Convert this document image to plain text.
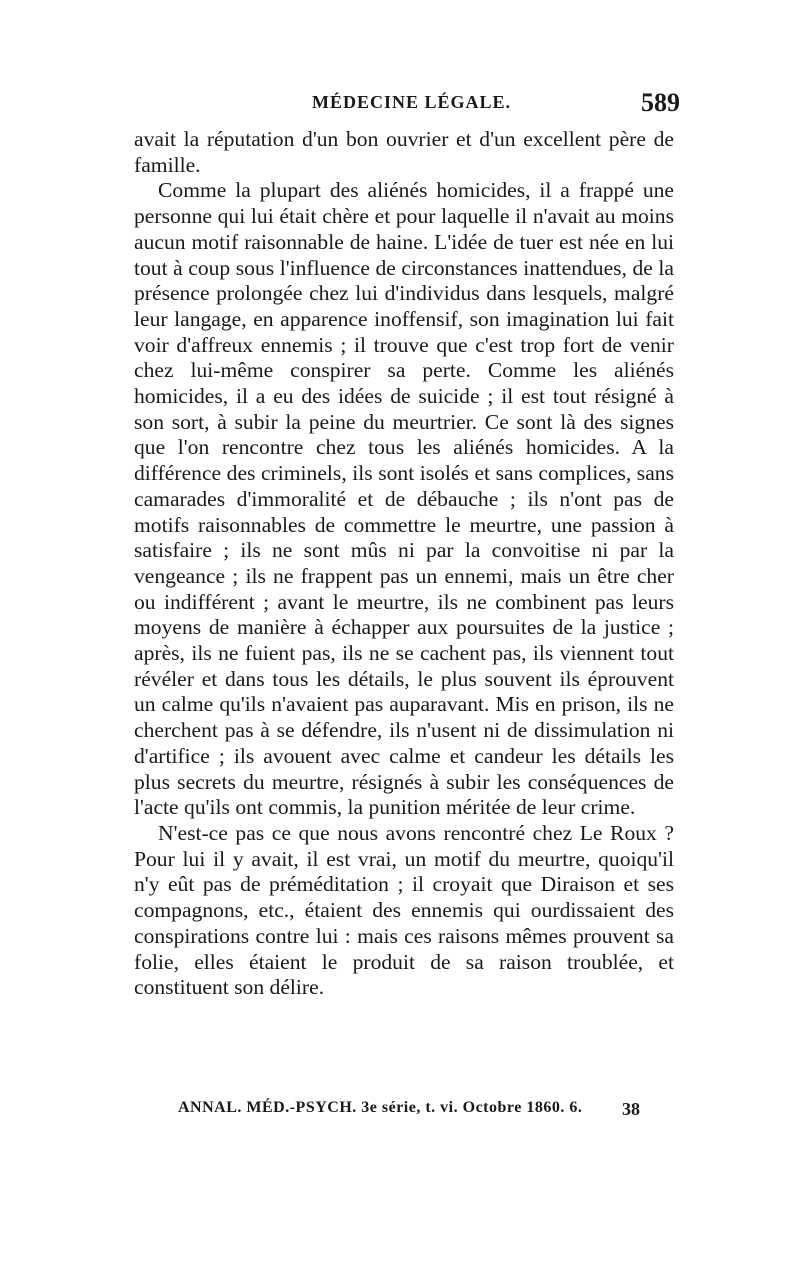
MÉDECINE LÉGALE.	589

avait la réputation d'un bon ouvrier et d'un excellent père de famille.

Comme la plupart des aliénés homicides, il a frappé une personne qui lui était chère et pour laquelle il n'avait au moins aucun motif raisonnable de haine. L'idée de tuer est née en lui tout à coup sous l'influence de circonstances inattendues, de la présence prolongée chez lui d'individus dans lesquels, malgré leur langage, en apparence inoffensif, son imagination lui fait voir d'affreux ennemis ; il trouve que c'est trop fort de venir chez lui-même conspirer sa perte. Comme les aliénés homicides, il a eu des idées de suicide ; il est tout résigné à son sort, à subir la peine du meurtrier. Ce sont là des signes que l'on rencontre chez tous les aliénés homicides. A la différence des criminels, ils sont isolés et sans complices, sans camarades d'immoralité et de débauche ; ils n'ont pas de motifs raisonnables de commettre le meurtre, une passion à satisfaire ; ils ne sont mûs ni par la convoitise ni par la vengeance ; ils ne frappent pas un ennemi, mais un être cher ou indifférent ; avant le meurtre, ils ne combinent pas leurs moyens de manière à échapper aux poursuites de la justice ; après, ils ne fuient pas, ils ne se cachent pas, ils viennent tout révéler et dans tous les détails, le plus souvent ils éprouvent un calme qu'ils n'avaient pas auparavant. Mis en prison, ils ne cherchent pas à se défendre, ils n'usent ni de dissimulation ni d'artifice ; ils avouent avec calme et candeur les détails les plus secrets du meurtre, résignés à subir les conséquences de l'acte qu'ils ont commis, la punition méritée de leur crime.

N'est-ce pas ce que nous avons rencontré chez Le Roux ? Pour lui il y avait, il est vrai, un motif du meurtre, quoiqu'il n'y eût pas de préméditation ; il croyait que Diraison et ses compagnons, etc., étaient des ennemis qui ourdissaient des conspirations contre lui : mais ces raisons mêmes prouvent sa folie, elles étaient le produit de sa raison troublée, et constituent son délire.

ANNAL. MÉD.-PSYCH. 3e série, t. vi. Octobre 1860. 6.	38
